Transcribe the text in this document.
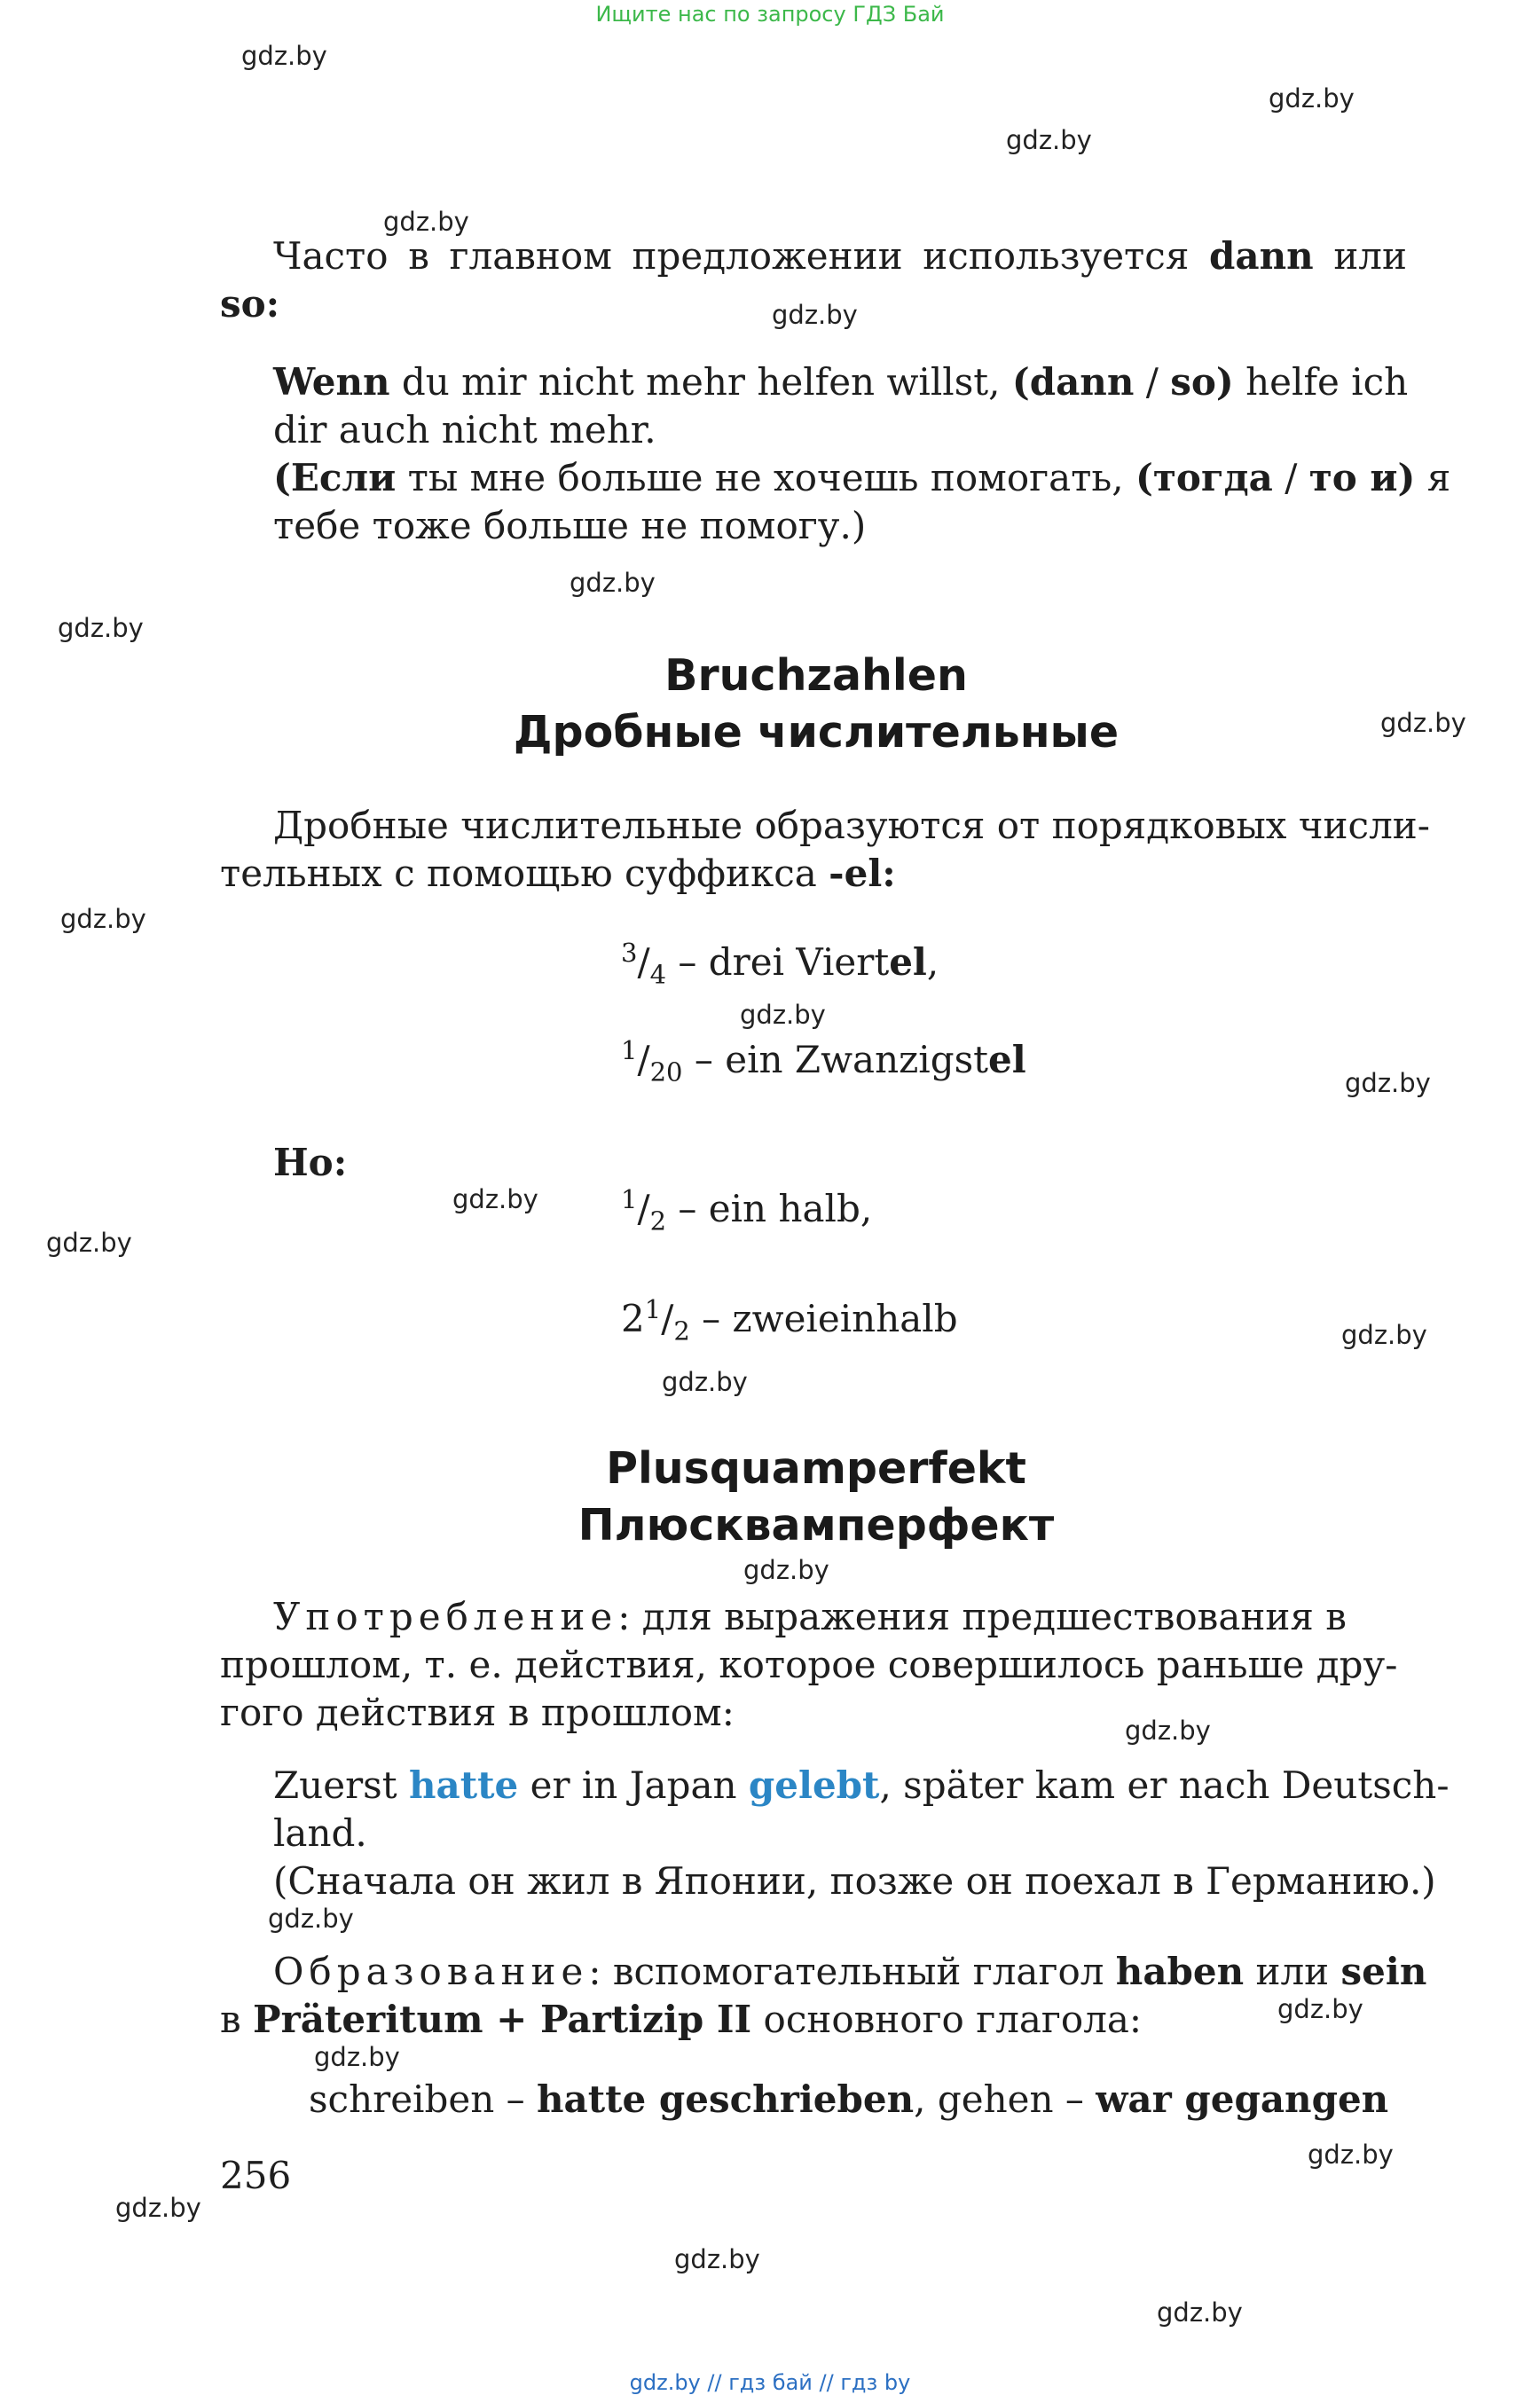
Ищите нас по запросу ГДЗ Бай
gdz.by
gdz.by
gdz.by
gdz.by
gdz.by
gdz.by
gdz.by
gdz.by
gdz.by
gdz.by
gdz.by
gdz.by
gdz.by
gdz.by
gdz.by
gdz.by
gdz.by
gdz.by
gdz.by
gdz.by
gdz.by
gdz.by
gdz.by
gdz.by
Часто в главном предложении используется dann или so:
Wenn du mir nicht mehr helfen willst, (dann / so) helfe ich
dir auch nicht mehr.
(Если ты мне больше не хочешь помогать, (тогда / то и) я
тебе тоже больше не помогу.)
Bruchzahlen
Дробные числительные
Дробные числительные образуются от порядковых числи-
тельных с помощью суффикса -el:
$^3/_4$ – drei Viertel,
$^1/_{20}$ – ein Zwanzigstel
Но:
$^1/_2$ – ein halb,
$2^1/_2$ – zweieinhalb
Plusquamperfekt
Плюсквамперфект
Употребление: для выражения предшествования в
прошлом, т. е. действия, которое совершилось раньше дру-
гого действия в прошлом:
Zuerst hatte er in Japan gelebt, später kam er nach Deutsch-
land.
(Сначала он жил в Японии, позже он поехал в Германию.)
Образование: вспомогательный глагол haben или sein
в Präteritum + Partizip II основного глагола:
schreiben – hatte geschrieben, gehen – war gegangen
256
gdz.by // гдз бай // гдз by
